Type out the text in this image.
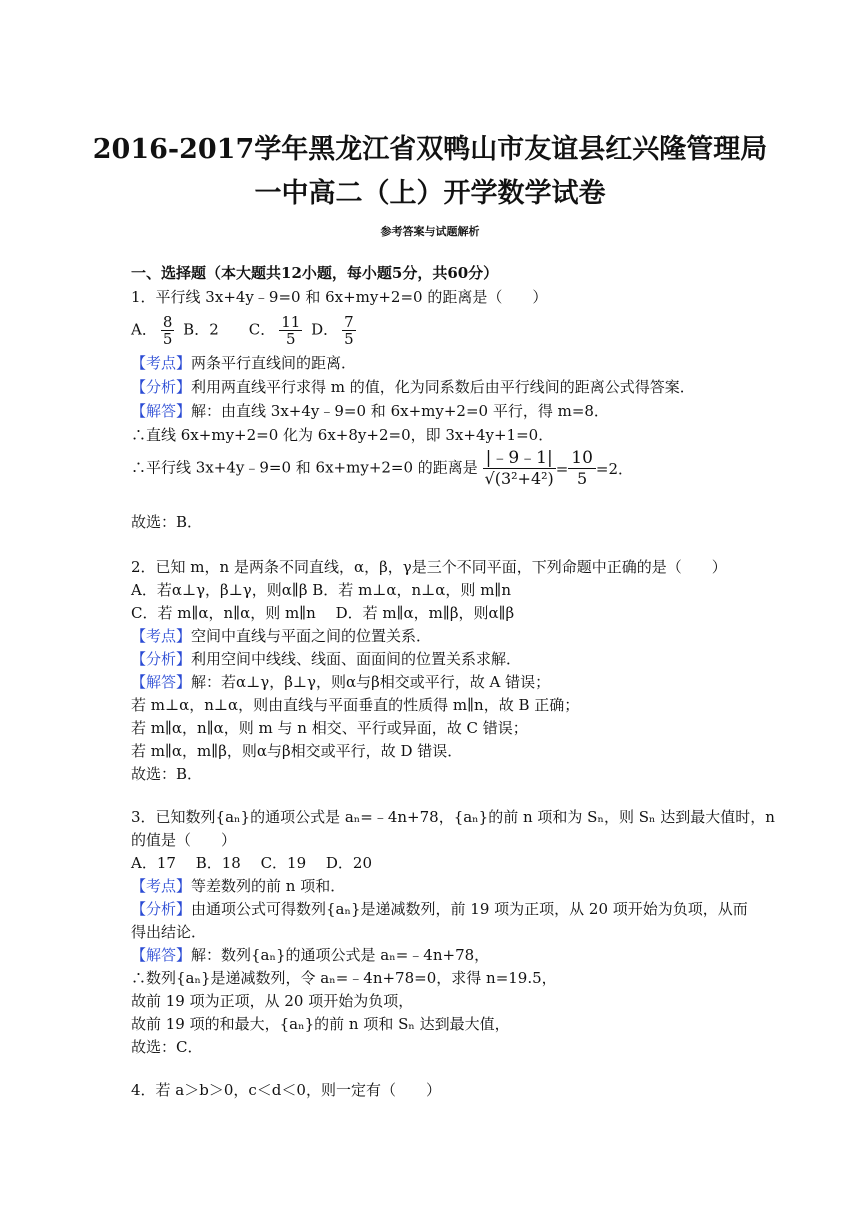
2016-2017学年黑龙江省双鸭山市友谊县红兴隆管理局
一中高二（上）开学数学试卷
参考答案与试题解析
一、选择题（本大题共12小题，每小题5分，共60分）
1．平行线 3x+4y﹣9=0 和 6x+my+2=0 的距离是（　　）
A． $\frac{8}{5}$ B．2　　C． $\frac{11}{5}$ D． $\frac{7}{5}$
【考点】两条平行直线间的距离．
【分析】利用两直线平行求得 m 的值，化为同系数后由平行线间的距离公式得答案．
【解答】解：由直线 3x+4y﹣9=0 和 6x+my+2=0 平行，得 m=8．
∴直线 6x+my+2=0 化为 6x+8y+2=0，即 3x+4y+1=0．
∴平行线 3x+4y﹣9=0 和 6x+my+2=0 的距离是 $\frac{|﹣9﹣1|}{\text{√(3²+4²)}} = \frac{10}{5} =2$．
故选：B．
2．已知 m，n 是两条不同直线，α，β，γ是三个不同平面，下列命题中正确的是（　　）
A．若α⊥γ，β⊥γ，则α∥β B．若 m⊥α，n⊥α，则 m∥n
C．若 m∥α，n∥α，则 m∥n　 D．若 m∥α，m∥β，则α∥β
【考点】空间中直线与平面之间的位置关系．
【分析】利用空间中线线、线面、面面间的位置关系求解．
【解答】解：若α⊥γ，β⊥γ，则α与β相交或平行，故 A 错误；
若 m⊥α，n⊥α，则由直线与平面垂直的性质得 m∥n，故 B 正确；
若 m∥α，n∥α，则 m 与 n 相交、平行或异面，故 C 错误；
若 m∥α，m∥β，则α与β相交或平行，故 D 错误．
故选：B．
3．已知数列{aₙ}的通项公式是 aₙ=﹣4n+78，{aₙ}的前 n 项和为 Sₙ，则 Sₙ 达到最大值时，n
的值是（　　）
A．17　 B．18　 C．19　 D．20
【考点】等差数列的前 n 项和．
【分析】由通项公式可得数列{aₙ}是递减数列，前 19 项为正项，从 20 项开始为负项，从而
得出结论．
【解答】解：数列{aₙ}的通项公式是 aₙ=﹣4n+78，
∴数列{aₙ}是递减数列，令 aₙ=﹣4n+78=0，求得 n=19.5，
故前 19 项为正项，从 20 项开始为负项，
故前 19 项的和最大，{aₙ}的前 n 项和 Sₙ 达到最大值，
故选：C．
4．若 a＞b＞0，c＜d＜0，则一定有（　　）
